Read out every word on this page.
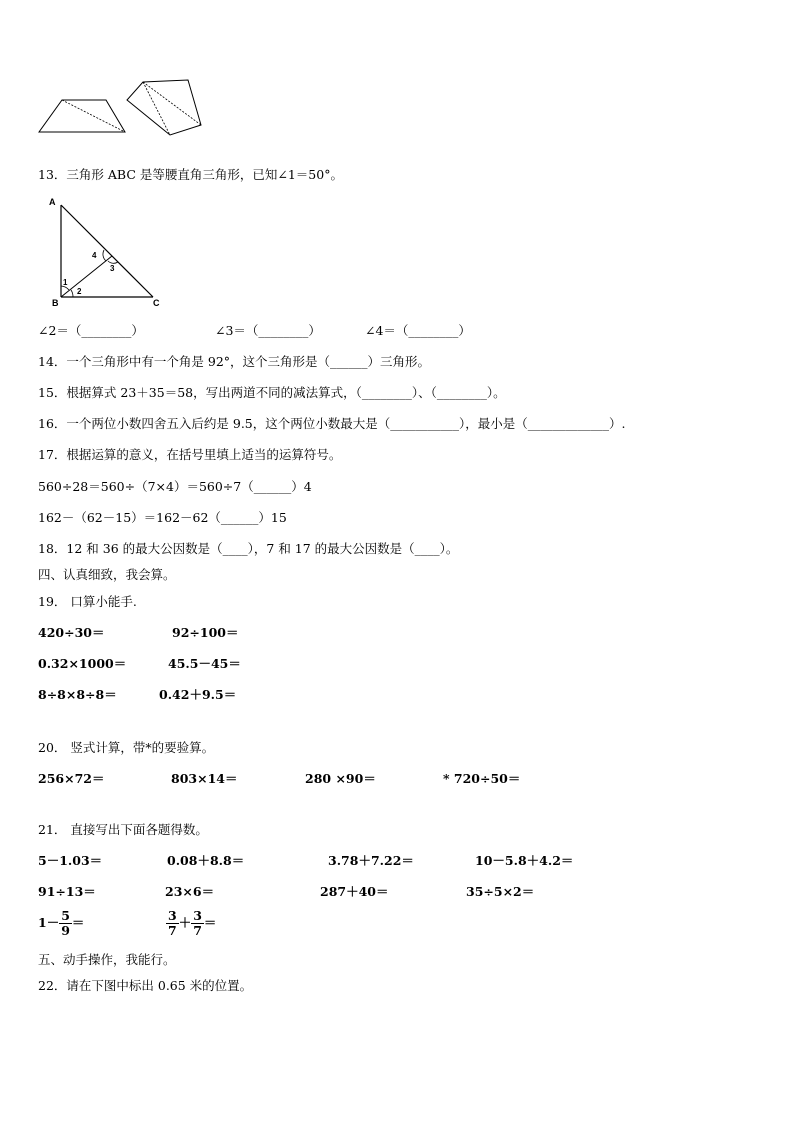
13．三角形 ABC 是等腰直角三角形，已知∠1＝50°。
A
B	C
1
2
3
4
∠2＝（________）	∠3＝（________）	∠4＝（________）
14．一个三角形中有一个角是 92°，这个三角形是（______）三角形。
15．根据算式 23＋35＝58，写出两道不同的减法算式，（________）、（________）。
16．一个两位小数四舍五入后约是 9.5，这个两位小数最大是（___________），最小是（_____________）.
17．根据运算的意义，在括号里填上适当的运算符号。
560÷28＝560÷（7×4）＝560÷7（______）4
162－（62－15）＝162－62（______）15
18．12 和 36 的最大公因数是（____），7 和 17 的最大公因数是（____）。
四、认真细致，我会算。
19． 口算小能手.
420÷30＝	92÷100＝
0.32×1000＝	45.5－45＝
8÷8×8÷8＝	0.42＋9.5＝
20． 竖式计算，带*的要验算。
256×72＝	803×14＝	280 ×90＝	* 720÷50＝
21． 直接写出下面各题得数。
5－1.03＝	0.08＋8.8＝	3.78＋7.22＝	10－5.8＋4.2＝
91÷13＝	23×6＝	287＋40＝	35÷5×2＝
$1- \frac{5}{9}$ ＝	$\frac{3}{7} + \frac{3}{7}$ ＝
五、动手操作，我能行。
22．请在下图中标出 0.65 米的位置。
